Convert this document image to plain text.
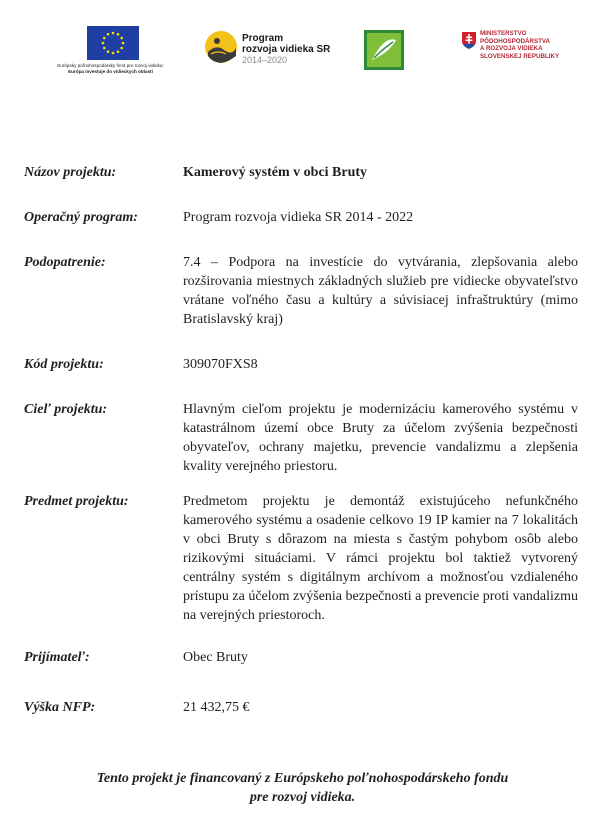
Európsky poľnohospodársky fond pre rozvoj vidieka:
Európa investuje do vidieckych oblastí
Program
rozvoja vidieka SR
2014–2020
MINISTERSTVO
PÔDOHOSPODÁRSTVA
A ROZVOJA VIDIEKA
SLOVENSKEJ REPUBLIKY
Názov projektu:	Kamerový systém v obci Bruty
Operačný program:	Program rozvoja vidieka SR 2014 - 2022
Podopatrenie:	7.4 – Podpora na investície do vytvárania, zlepšovania alebo rozširovania miestnych základných služieb pre vidiecke obyvateľstvo vrátane voľného času a kultúry a súvisiacej infraštruktúry (mimo Bratislavský kraj)
Kód projektu:	309070FXS8
Cieľ projektu:	Hlavným cieľom projektu je modernizáciu kamerového systému v katastrálnom území obce Bruty za účelom zvýšenia bezpečnosti obyvateľov, ochrany majetku, prevencie vandalizmu a zlepšenia kvality verejného priestoru.
Predmet projektu:	Predmetom projektu je demontáž existujúceho nefunkčného kamerového systému a osadenie celkovo 19 IP kamier na 7 lokalitách v obci Bruty s dôrazom na miesta s častým pohybom osôb alebo rizikovými situáciami. V rámci projektu bol taktiež vytvorený centrálny systém s digitálnym archívom a možnosťou vzdialeného prístupu za účelom zvýšenia bezpečnosti a prevencie proti vandalizmu na verejných priestoroch.
Prijímateľ:	Obec Bruty
Výška NFP:	21 432,75 €
Tento projekt je financovaný z Európskeho poľnohospodárskeho fondu
pre rozvoj vidieka.
